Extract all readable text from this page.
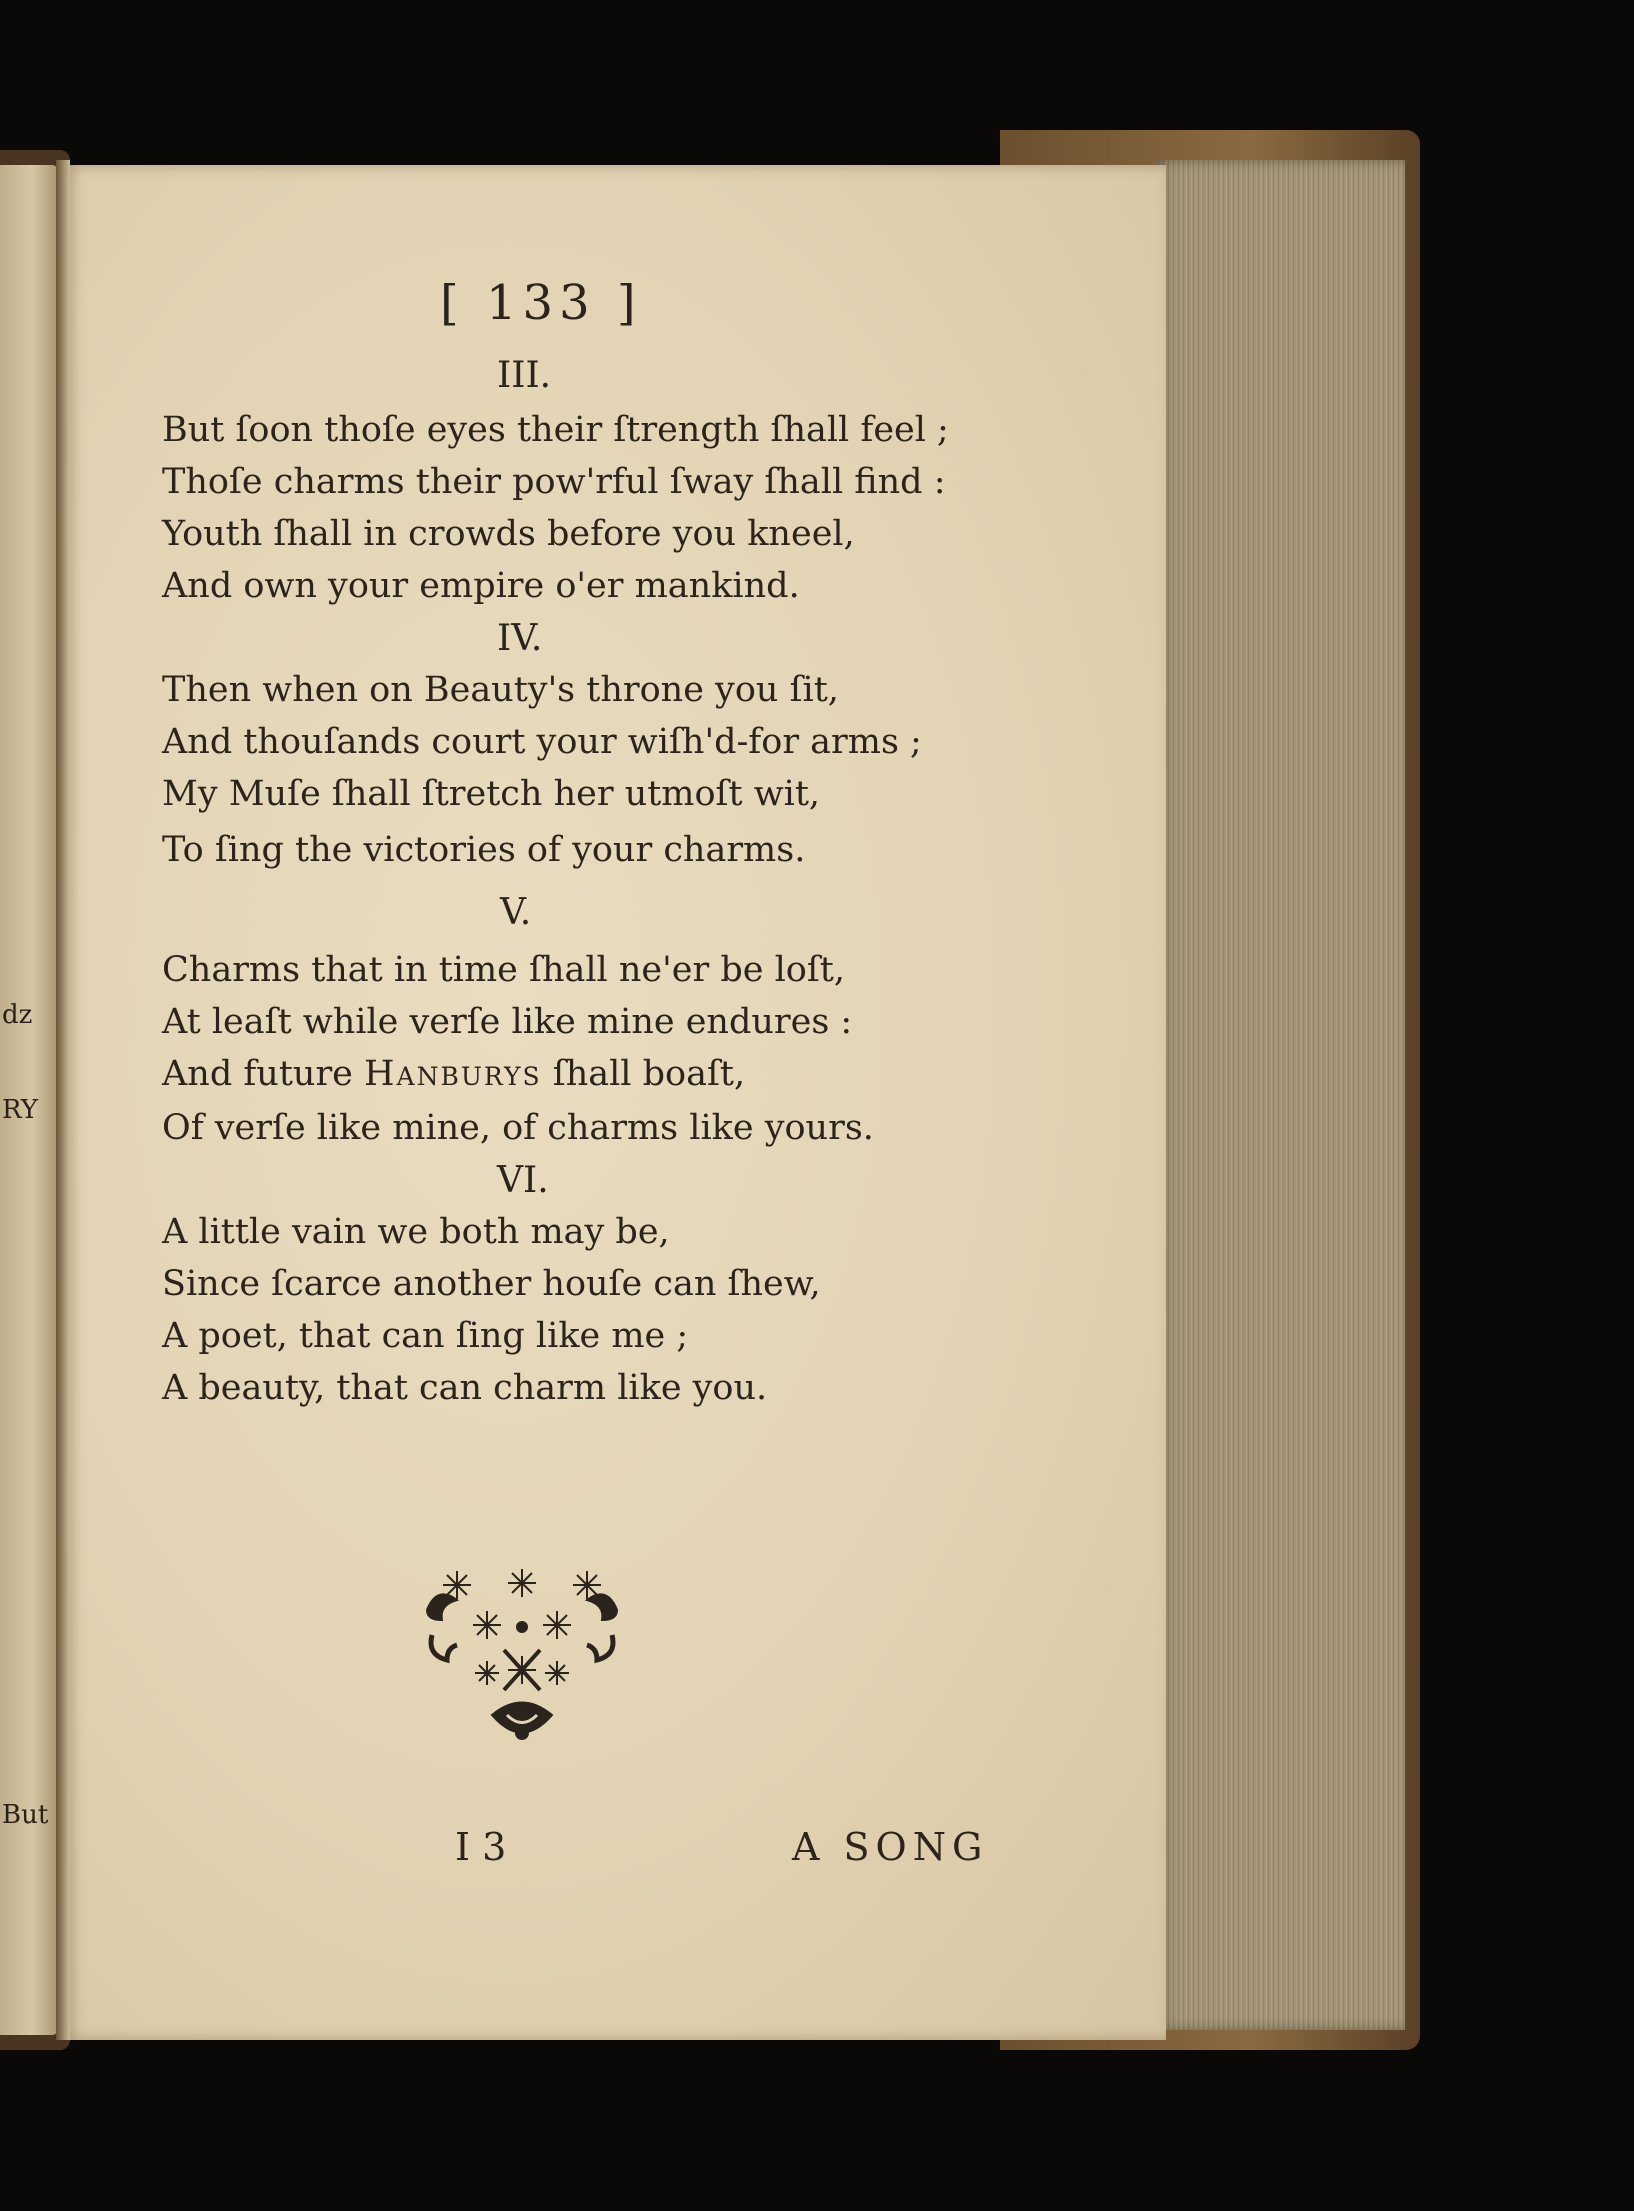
ǳ
RY
But
[ 133 ]
III.
But ſoon thoſe eyes their ſtrength ſhall feel ;
Thoſe charms their pow'rful ſway ſhall find :
Youth ſhall in crowds before you kneel,
And own your empire o'er mankind.
IV.
Then when on Beauty's throne you ſit,
And thouſands court your wiſh'd-for arms ;
My Muſe ſhall ſtretch her utmoſt wit,
To ſing the victories of your charms.
V.
Charms that in time ſhall ne'er be loſt,
At leaſt while verſe like mine endures :
And future Hanburys ſhall boaſt,
Of verſe like mine, of charms like yours.
VI.
A little vain we both may be,
Since ſcarce another houſe can ſhew,
A poet, that can ſing like me ;
A beauty, that can charm like you.
I 3	A SONG
